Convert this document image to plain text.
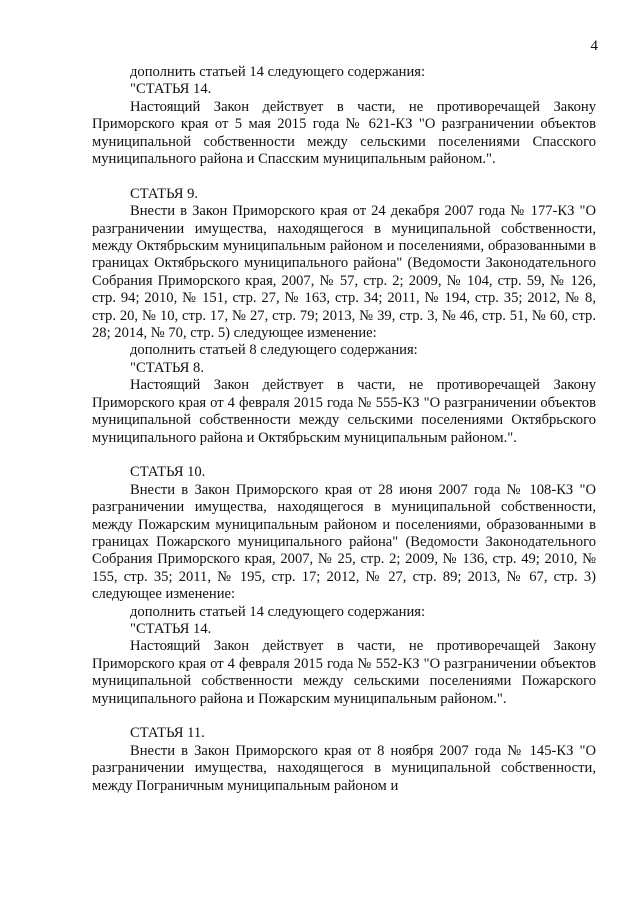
4

дополнить статьей 14 следующего содержания:

"СТАТЬЯ 14.

Настоящий Закон действует в части, не противоречащей Закону Приморского края от 5 мая 2015 года № 621-КЗ "О разграничении объектов муниципальной собственности между сельскими поселениями Спасского муниципального района и Спасским муниципальным районом.".

СТАТЬЯ 9.

Внести в Закон Приморского края от 24 декабря 2007 года № 177-КЗ "О разграничении имущества, находящегося в муниципальной собственности, между Октябрьским муниципальным районом и поселениями, образованными в границах Октябрьского муниципального района" (Ведомости Законодательного Собрания Приморского края, 2007, № 57, стр. 2; 2009, № 104, стр. 59, № 126, стр. 94; 2010, № 151, стр. 27, № 163, стр. 34; 2011, № 194, стр. 35; 2012, № 8, стр. 20, № 10, стр. 17, № 27, стр. 79; 2013, № 39, стр. 3, № 46, стр. 51, № 60, стр. 28; 2014, № 70, стр. 5) следующее изменение:

дополнить статьей 8 следующего содержания:

"СТАТЬЯ 8.

Настоящий Закон действует в части, не противоречащей Закону Приморского края от 4 февраля 2015 года № 555-КЗ "О разграничении объектов муниципальной собственности между сельскими поселениями Октябрьского муниципального района и Октябрьским муниципальным районом.".

СТАТЬЯ 10.

Внести в Закон Приморского края от 28 июня 2007 года № 108-КЗ "О разграничении имущества, находящегося в муниципальной собственности, между Пожарским муниципальным районом и поселениями, образованными в границах Пожарского муниципального района" (Ведомости Законодательного Собрания Приморского края, 2007, № 25, стр. 2; 2009, № 136, стр. 49; 2010, № 155, стр. 35; 2011, № 195, стр. 17; 2012, № 27, стр. 89; 2013, № 67, стр. 3) следующее изменение:

дополнить статьей 14 следующего содержания:

"СТАТЬЯ 14.

Настоящий Закон действует в части, не противоречащей Закону Приморского края от 4 февраля 2015 года № 552-КЗ "О разграничении объектов муниципальной собственности между сельскими поселениями Пожарского муниципального района и Пожарским муниципальным районом.".

СТАТЬЯ 11.

Внести в Закон Приморского края от 8 ноября 2007 года № 145-КЗ "О разграничении имущества, находящегося в муниципальной собственности, между Пограничным муниципальным районом и
